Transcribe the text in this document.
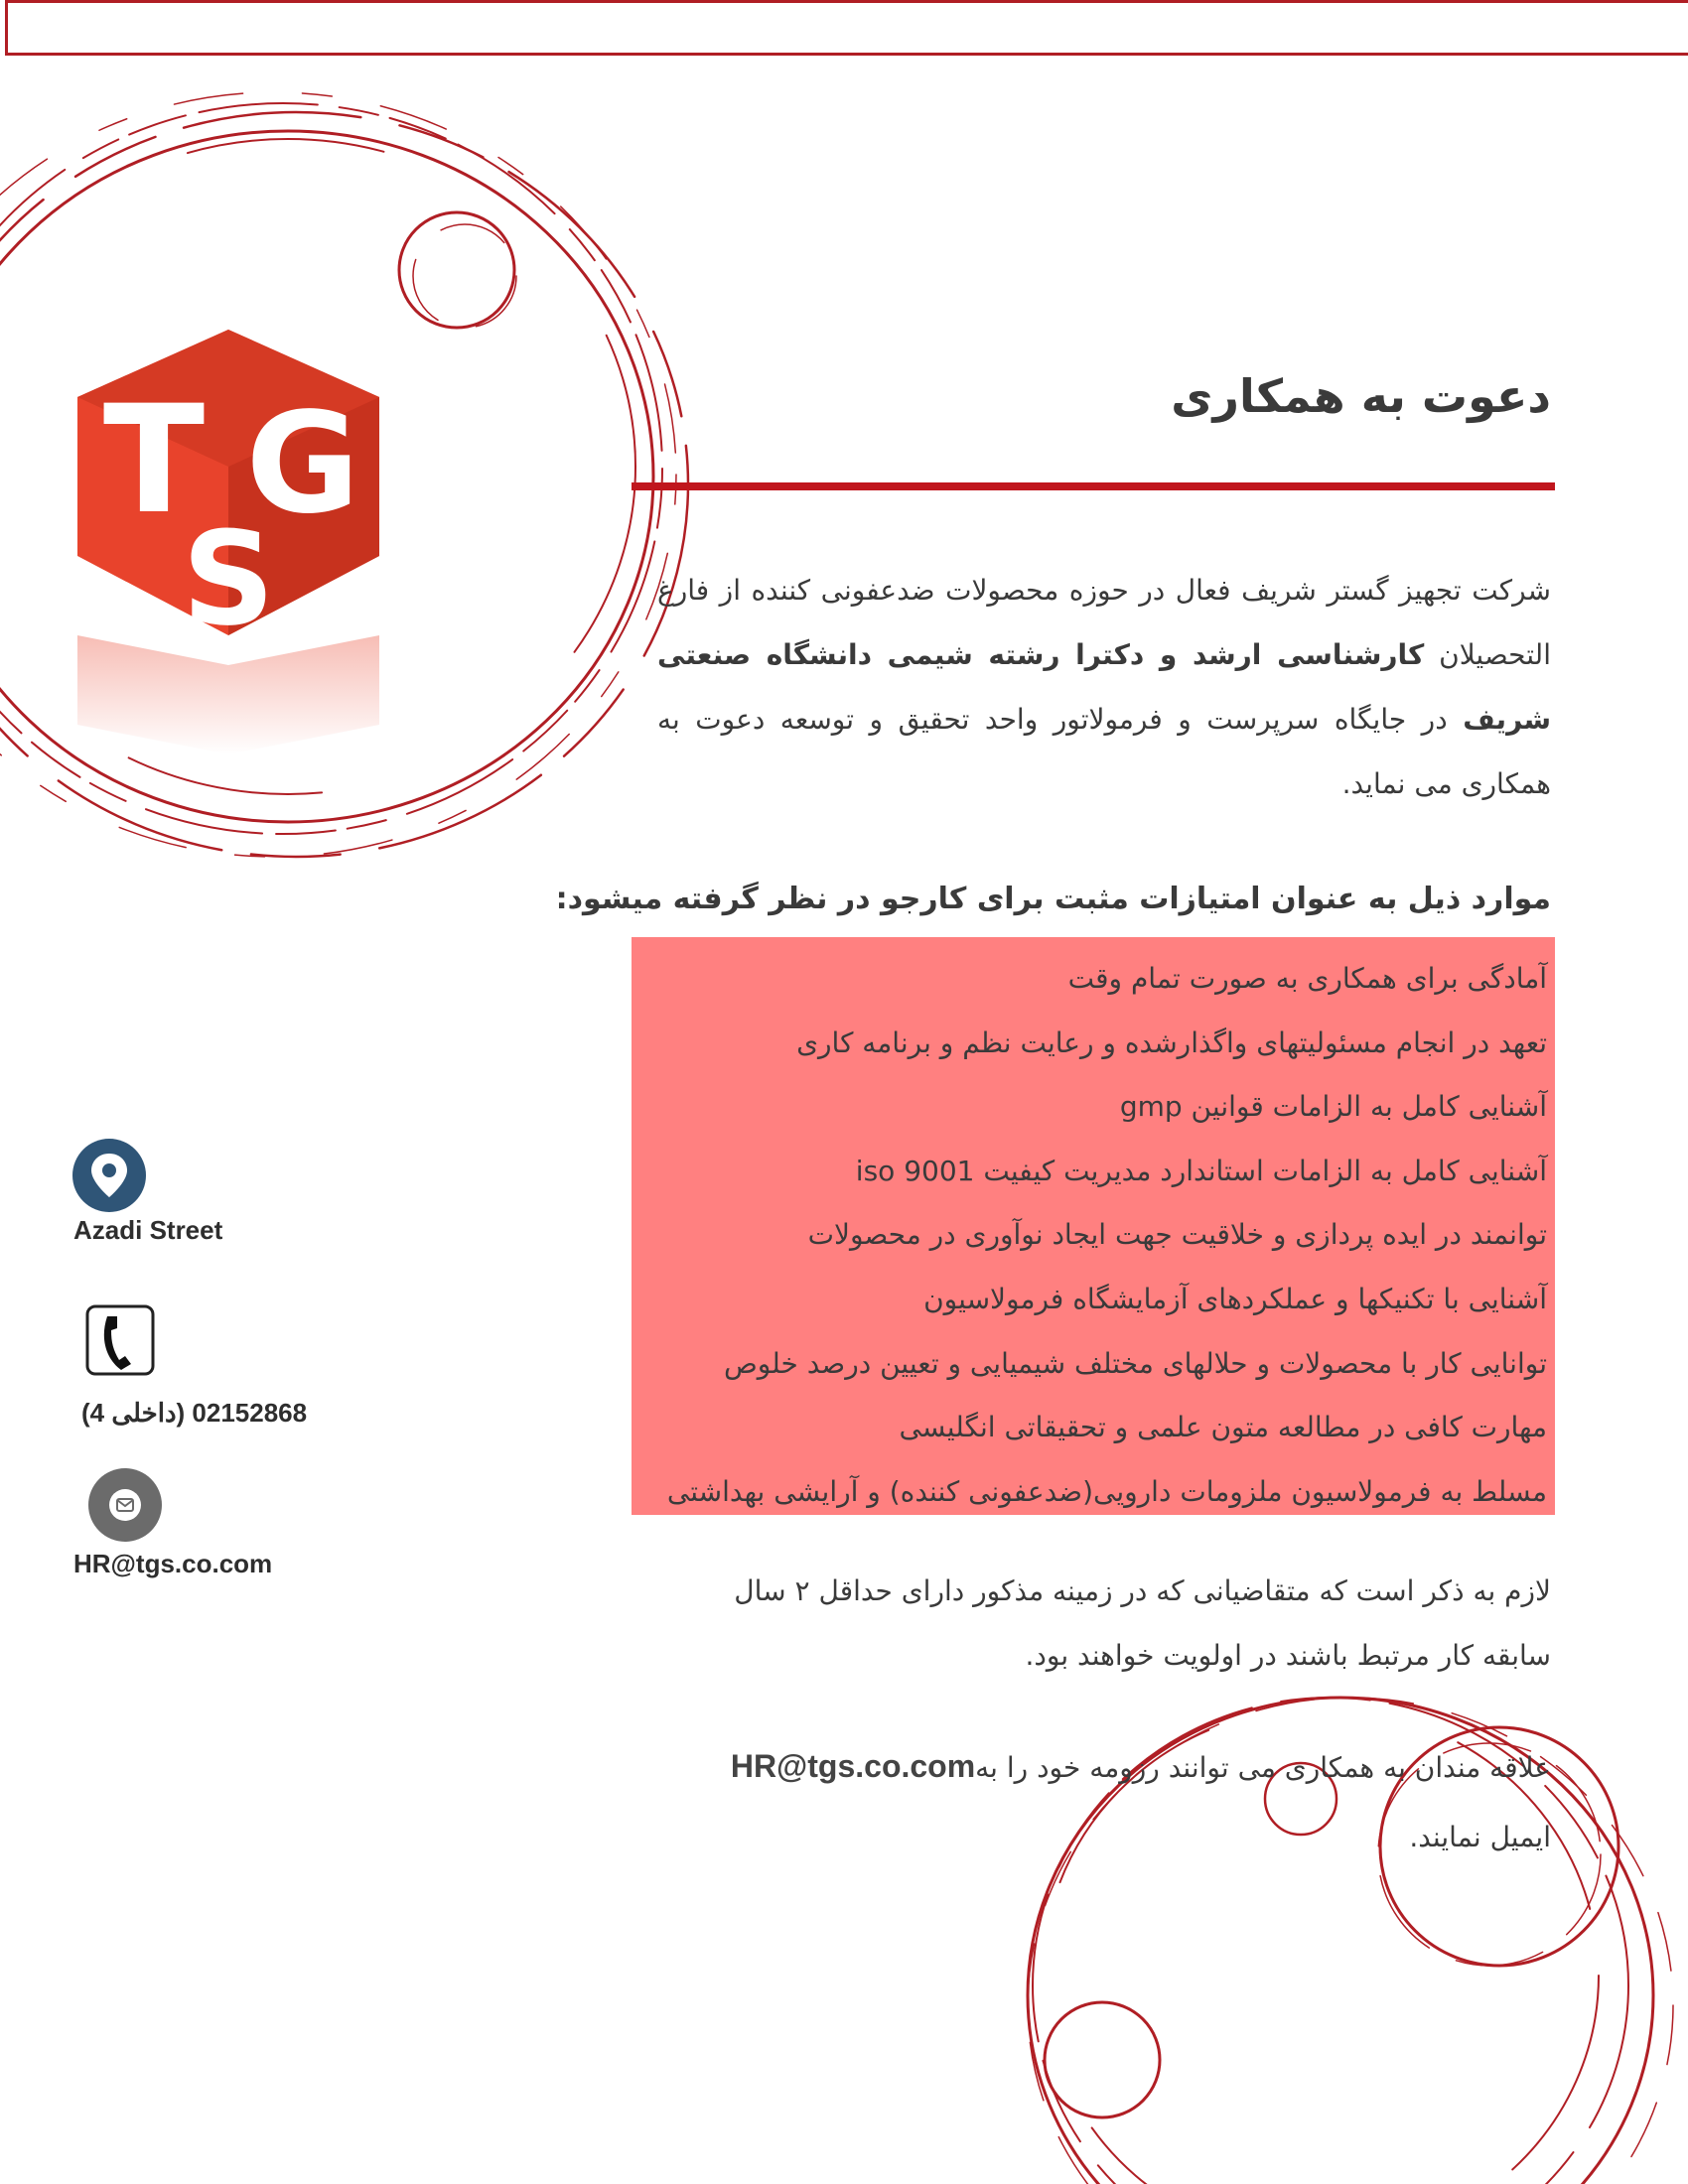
T G
S
دعوت به همکاری

شرکت تجهیز گستر شریف فعال در حوزه محصولات ضدعفونی کننده از فارغ التحصیلان کارشناسی ارشد و دکترا رشته شیمی دانشگاه صنعتی شریف در جایگاه سرپرست و فرمولاتور واحد تحقیق و توسعه دعوت به همکاری می نماید.

موارد ذیل به عنوان امتیازات مثبت برای کارجو در نظر گرفته میشود:
آمادگی برای همکاری به صورت تمام وقت
تعهد در انجام مسئولیتهای واگذارشده و رعایت نظم و برنامه کاری
آشنایی کامل به الزامات قوانین gmp
آشنایی کامل به الزامات استاندارد مدیریت کیفیت iso 9001
توانمند در ایده پردازی و خلاقیت جهت ایجاد نوآوری در محصولات
آشنایی با تکنیکها و عملکردهای آزمایشگاه فرمولاسیون
توانایی کار با محصولات و حلالهای مختلف شیمیایی و تعیین درصد خلوص
مهارت کافی در مطالعه متون علمی و تحقیقاتی انگلیسی
مسلط به فرمولاسیون ملزومات دارویی(ضدعفونی کننده) و آرایشی بهداشتی

لازم به ذکر است که متقاضیانی که در زمینه مذکور دارای حداقل ۲ سال سابقه کار مرتبط باشند در اولویت خواهند بود.

علاقه مندان به همکاری می توانند رزومه خود را بهHR@tgs.co.com
ایمیل نمایند.

Azadi Street
02152868 (داخلی 4)
HR@tgs.co.com
